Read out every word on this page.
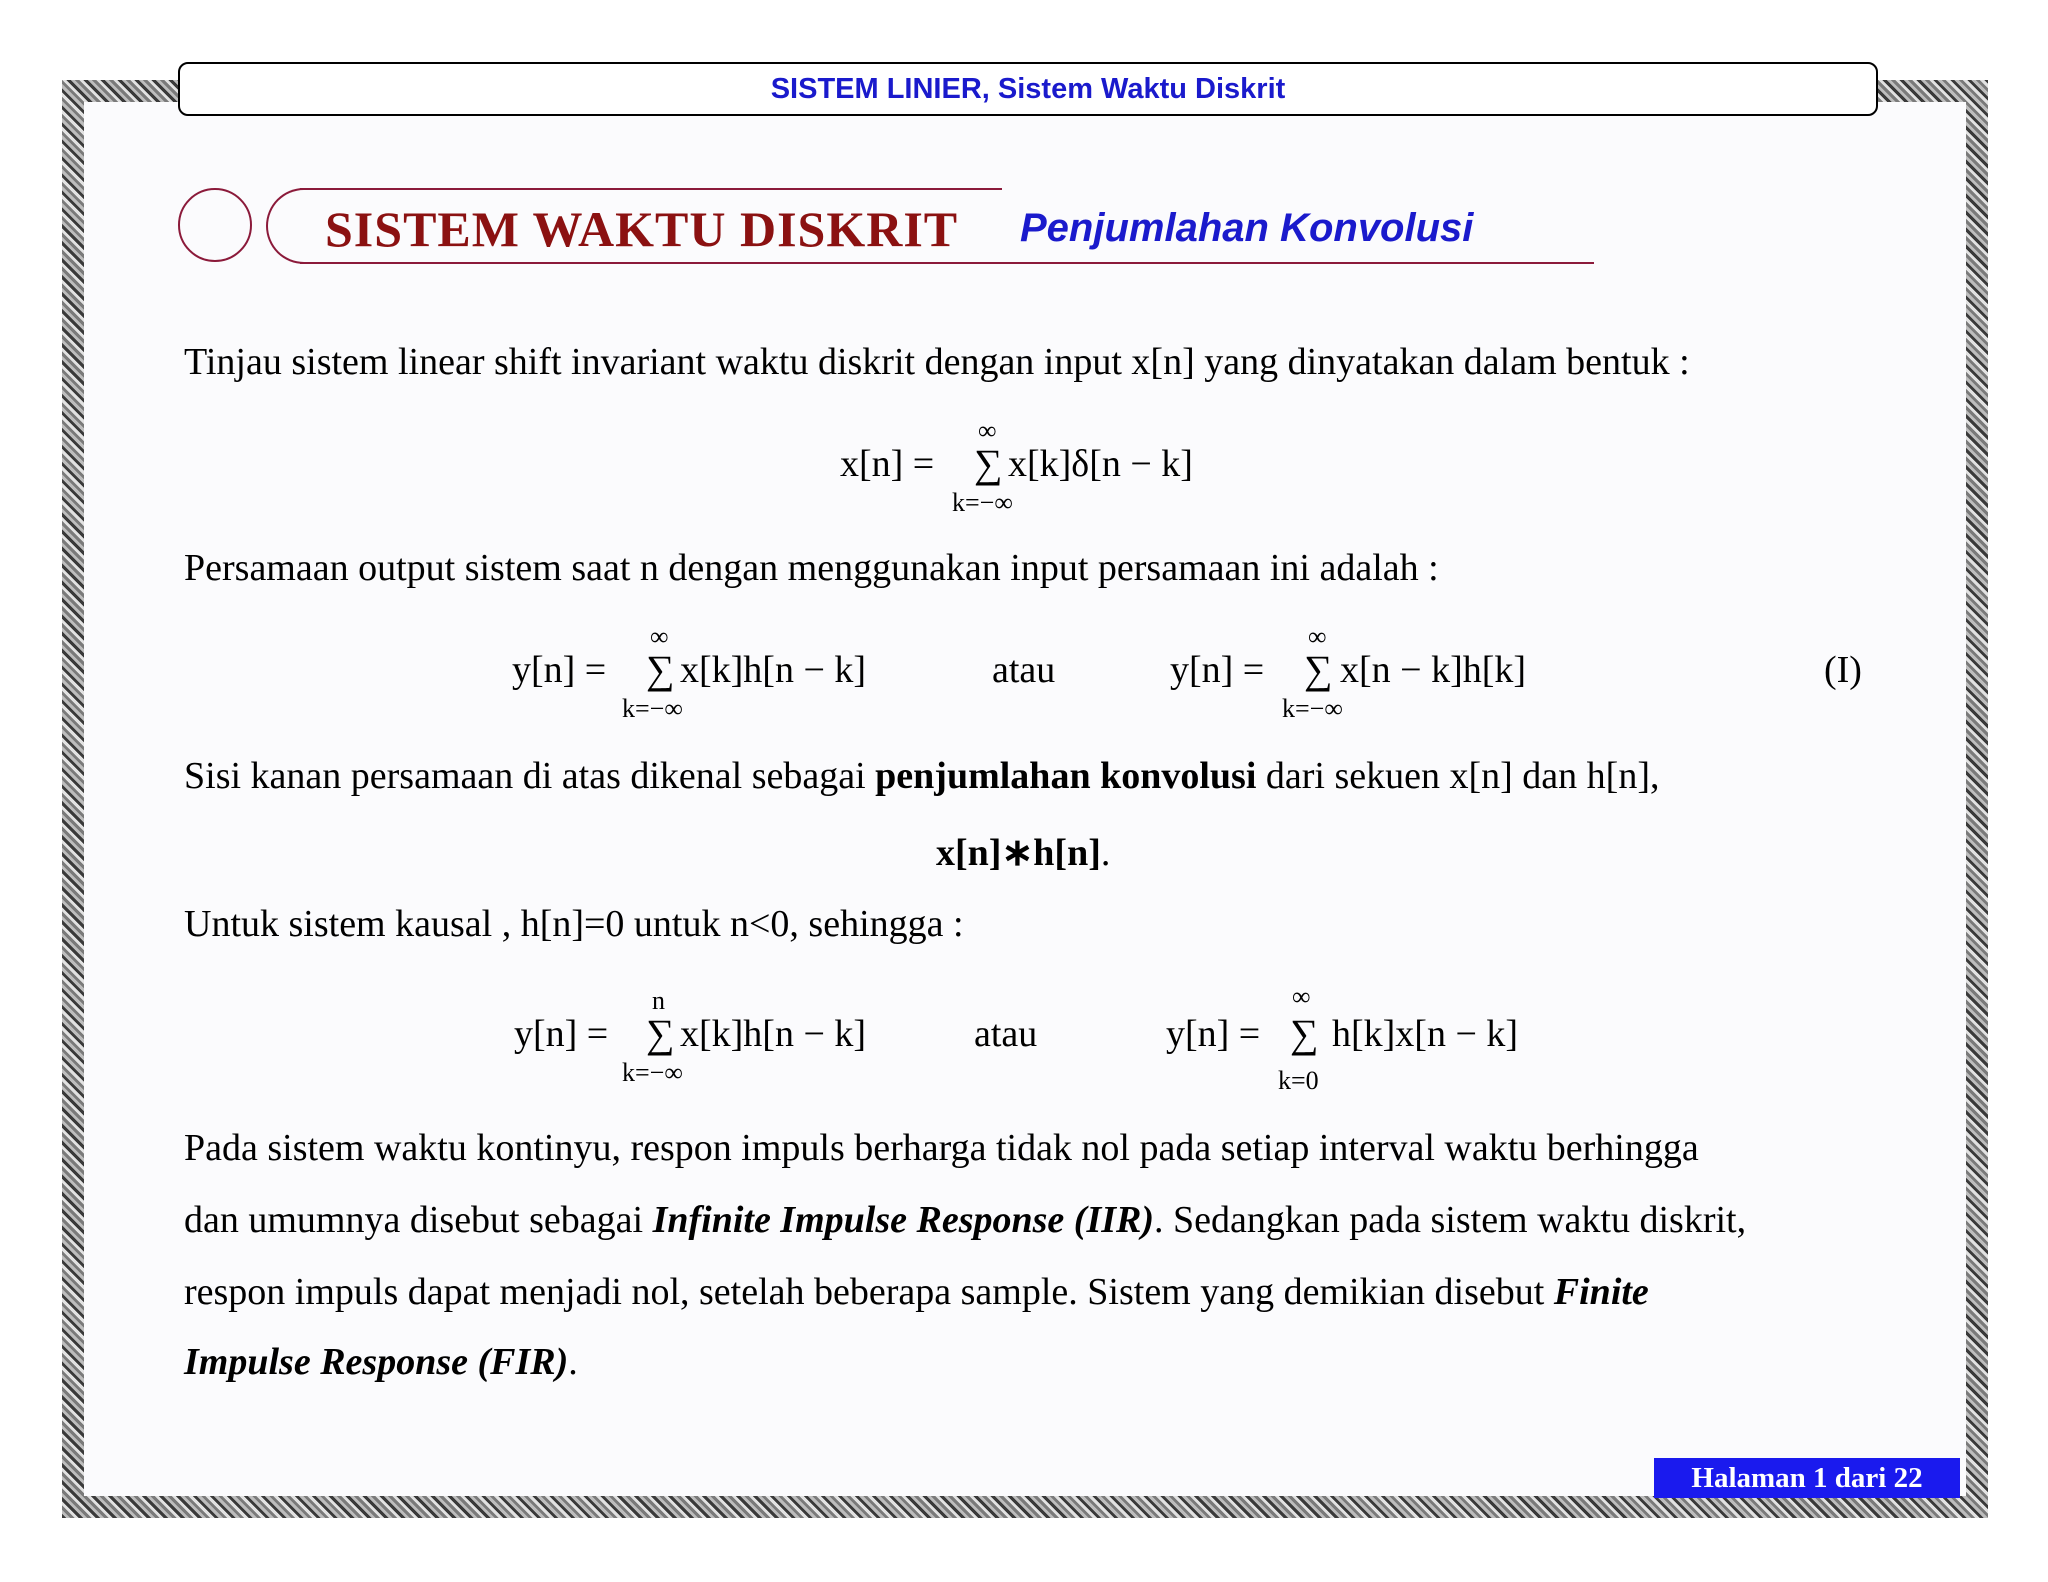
SISTEM LINIER, Sistem Waktu Diskrit
SISTEM WAKTU DISKRIT Penjumlahan Konvolusi
Tinjau sistem linear shift invariant waktu diskrit dengan input x[n] yang dinyatakan dalam bentuk :
x[n] =
∞
∑
k=−∞
x[k]δ[n − k]
Persamaan output sistem saat n dengan menggunakan input persamaan ini adalah :
y[n] =
∞
∑
k=−∞
x[k]h[n − k]	atau	y[n] =
∞
∑
k=−∞
x[n − k]h[k]	(I)
Sisi kanan persamaan di atas dikenal sebagai penjumlahan konvolusi dari sekuen x[n] dan h[n],
x[n]∗h[n].
Untuk sistem kausal , h[n]=0 untuk n<0, sehingga :
y[n] =
n
∑
k=−∞
x[k]h[n − k]	atau	y[n] =
∞
∑
k=0
h[k]x[n − k]
Pada sistem waktu kontinyu, respon impuls berharga tidak nol pada setiap interval waktu berhingga
dan umumnya disebut sebagai Infinite Impulse Response (IIR). Sedangkan pada sistem waktu diskrit,
respon impuls dapat menjadi nol, setelah beberapa sample. Sistem yang demikian disebut Finite
Impulse Response (FIR).
Halaman 1 dari 22
